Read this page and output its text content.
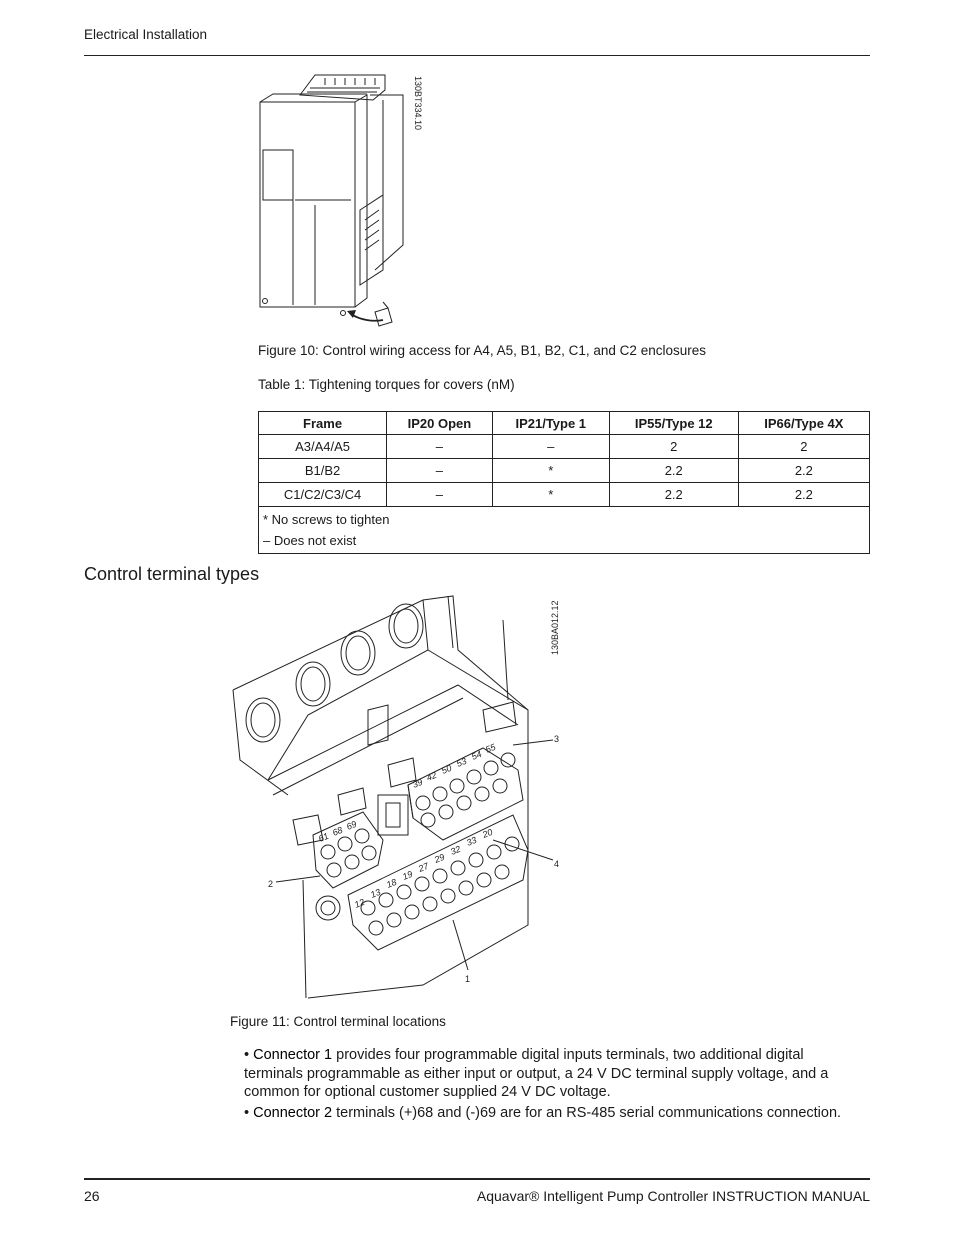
Electrical Installation
130BT334.10
Figure 10: Control wiring access for A4, A5, B1, B2, C1, and C2 enclosures
Table 1: Tightening torques for covers (nM)
Frame	IP20 Open	IP21/Type 1	IP55/Type 12	IP66/Type 4X
A3/A4/A5	–	–	2	2
B1/B2	–	*	2.2	2.2
C1/C2/C3/C4	–	*	2.2	2.2

* No screws to tighten
– Does not exist				
Control terminal types
61 68 69
39
42
50
53
54
55
12
13
18
19
27
29
32
33
20
1
2
3
4
130BA012.12
Figure 11: Control terminal locations
• Connector 1 provides four programmable digital inputs terminals, two additional digital terminals programmable as either input or output, a 24 V DC terminal supply voltage, and a common for optional customer supplied 24 V DC voltage.
• Connector 2 terminals (+)68 and (-)69 are for an RS-485 serial communications connection.
26	Aquavar® Intelligent Pump Controller INSTRUCTION MANUAL
